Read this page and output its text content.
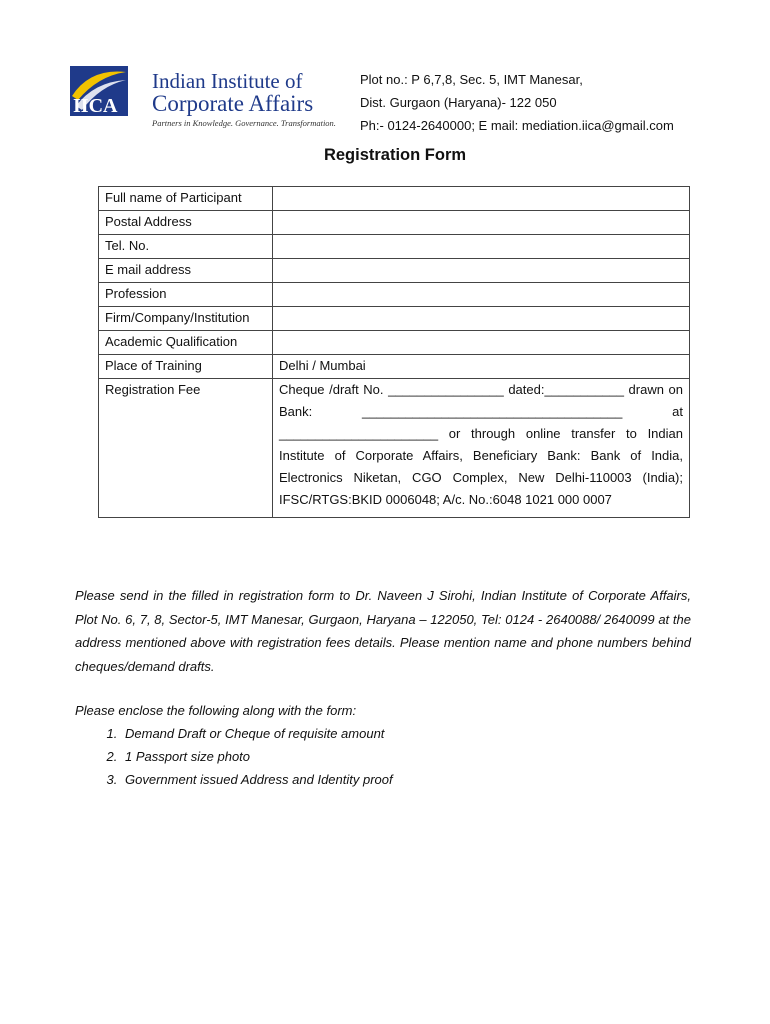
IICA
Indian Institute of
Corporate Affairs
Partners in Knowledge. Governance. Transformation.
Plot no.: P 6,7,8, Sec. 5, IMT Manesar,
Dist. Gurgaon (Haryana)- 122 050
Ph:- 0124-2640000; E mail: mediation.iica@gmail.com
Registration Form
Full name of Participant	
Postal Address	
Tel. No.	
E mail address	
Profession	
Firm/Company/Institution	
Academic Qualification	
Place of Training	Delhi / Mumbai
Registration Fee	Cheque /draft No. ________________ dated:___________ drawn on Bank: ____________________________________ at ______________________ or through online transfer to Indian Institute of Corporate Affairs, Beneficiary Bank: Bank of India, Electronics Niketan, CGO Complex, New Delhi-110003 (India); IFSC/RTGS:BKID 0006048; A/c. No.:6048 1021 000 0007
Please send in the filled in registration form to Dr. Naveen J Sirohi, Indian Institute of Corporate Affairs, Plot No. 6, 7, 8, Sector-5, IMT Manesar, Gurgaon, Haryana – 122050, Tel: 0124 - 2640088/ 2640099 at the address mentioned above with registration fees details. Please mention name and phone numbers behind cheques/demand drafts.
Please enclose the following along with the form:
1. Demand Draft or Cheque of requisite amount
2. 1 Passport size photo
3. Government issued Address and Identity proof
